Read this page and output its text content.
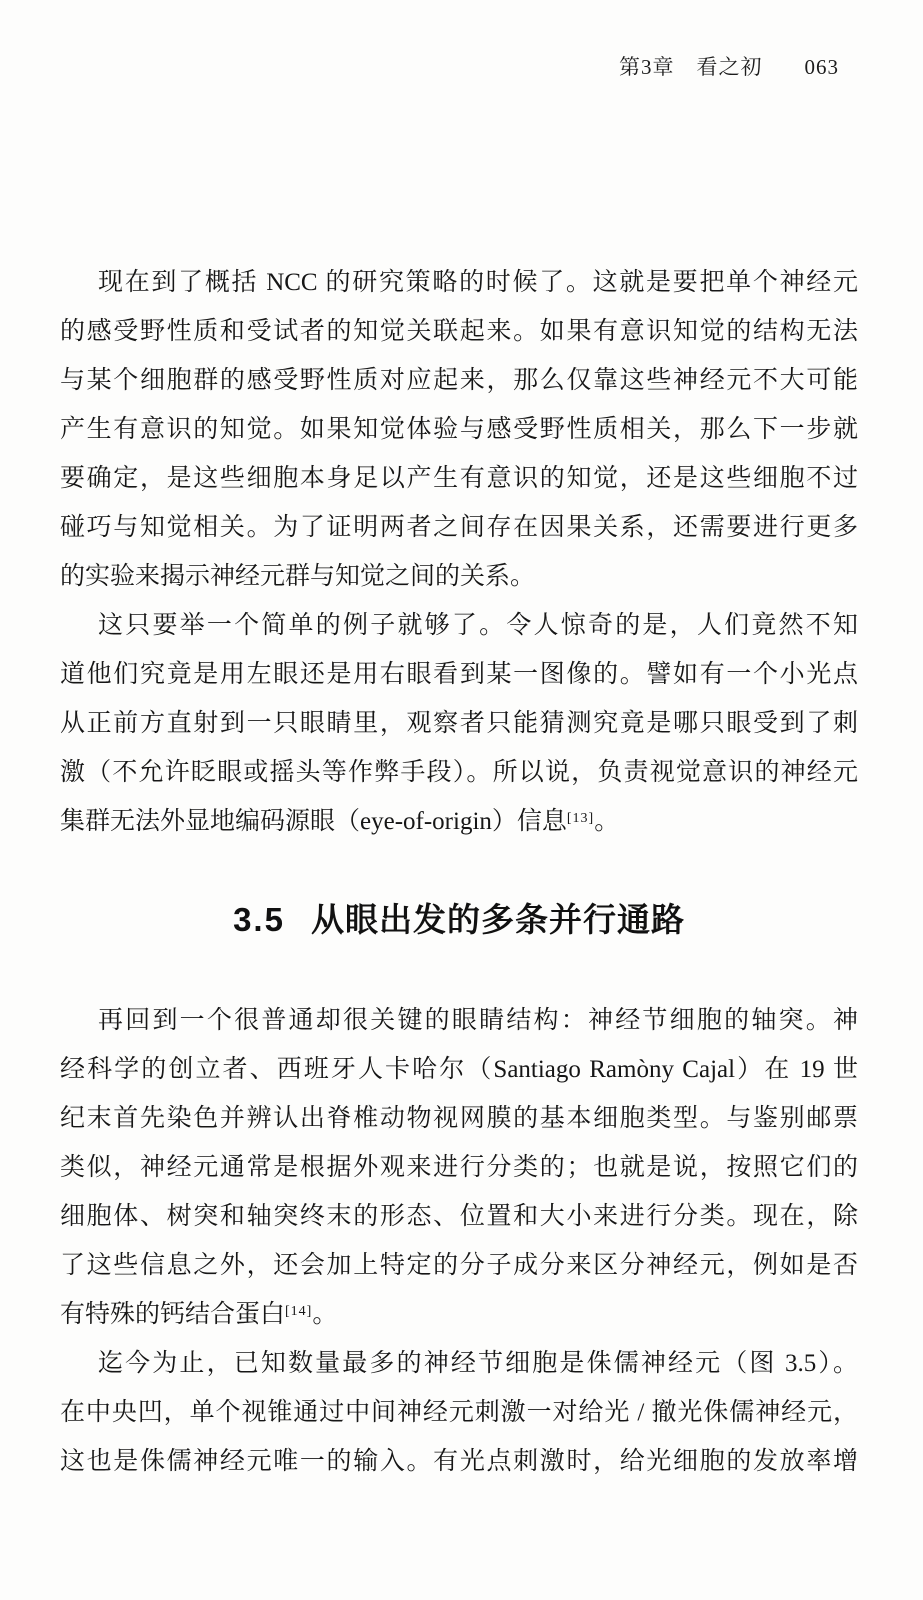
第3章　看之初 063
现在到了概括 NCC 的研究策略的时候了。这就是要把单个神经元
的感受野性质和受试者的知觉关联起来。如果有意识知觉的结构无法
与某个细胞群的感受野性质对应起来，那么仅靠这些神经元不大可能
产生有意识的知觉。如果知觉体验与感受野性质相关，那么下一步就
要确定，是这些细胞本身足以产生有意识的知觉，还是这些细胞不过
碰巧与知觉相关。为了证明两者之间存在因果关系，还需要进行更多
的实验来揭示神经元群与知觉之间的关系。
这只要举一个简单的例子就够了。令人惊奇的是，人们竟然不知
道他们究竟是用左眼还是用右眼看到某一图像的。譬如有一个小光点
从正前方直射到一只眼睛里，观察者只能猜测究竟是哪只眼受到了刺
激（不允许眨眼或摇头等作弊手段）。所以说，负责视觉意识的神经元
集群无法外显地编码源眼（eye-of-origin）信息[13]。
3.5 从眼出发的多条并行通路
再回到一个很普通却很关键的眼睛结构：神经节细胞的轴突。神
经科学的创立者、西班牙人卡哈尔（Santiago Ramòny Cajal）在 19 世
纪末首先染色并辨认出脊椎动物视网膜的基本细胞类型。与鉴别邮票
类似，神经元通常是根据外观来进行分类的；也就是说，按照它们的
细胞体、树突和轴突终末的形态、位置和大小来进行分类。现在，除
了这些信息之外，还会加上特定的分子成分来区分神经元，例如是否
有特殊的钙结合蛋白[14]。
迄今为止，已知数量最多的神经节细胞是侏儒神经元（图 3.5）。
在中央凹，单个视锥通过中间神经元刺激一对给光 / 撤光侏儒神经元，
这也是侏儒神经元唯一的输入。有光点刺激时，给光细胞的发放率增
